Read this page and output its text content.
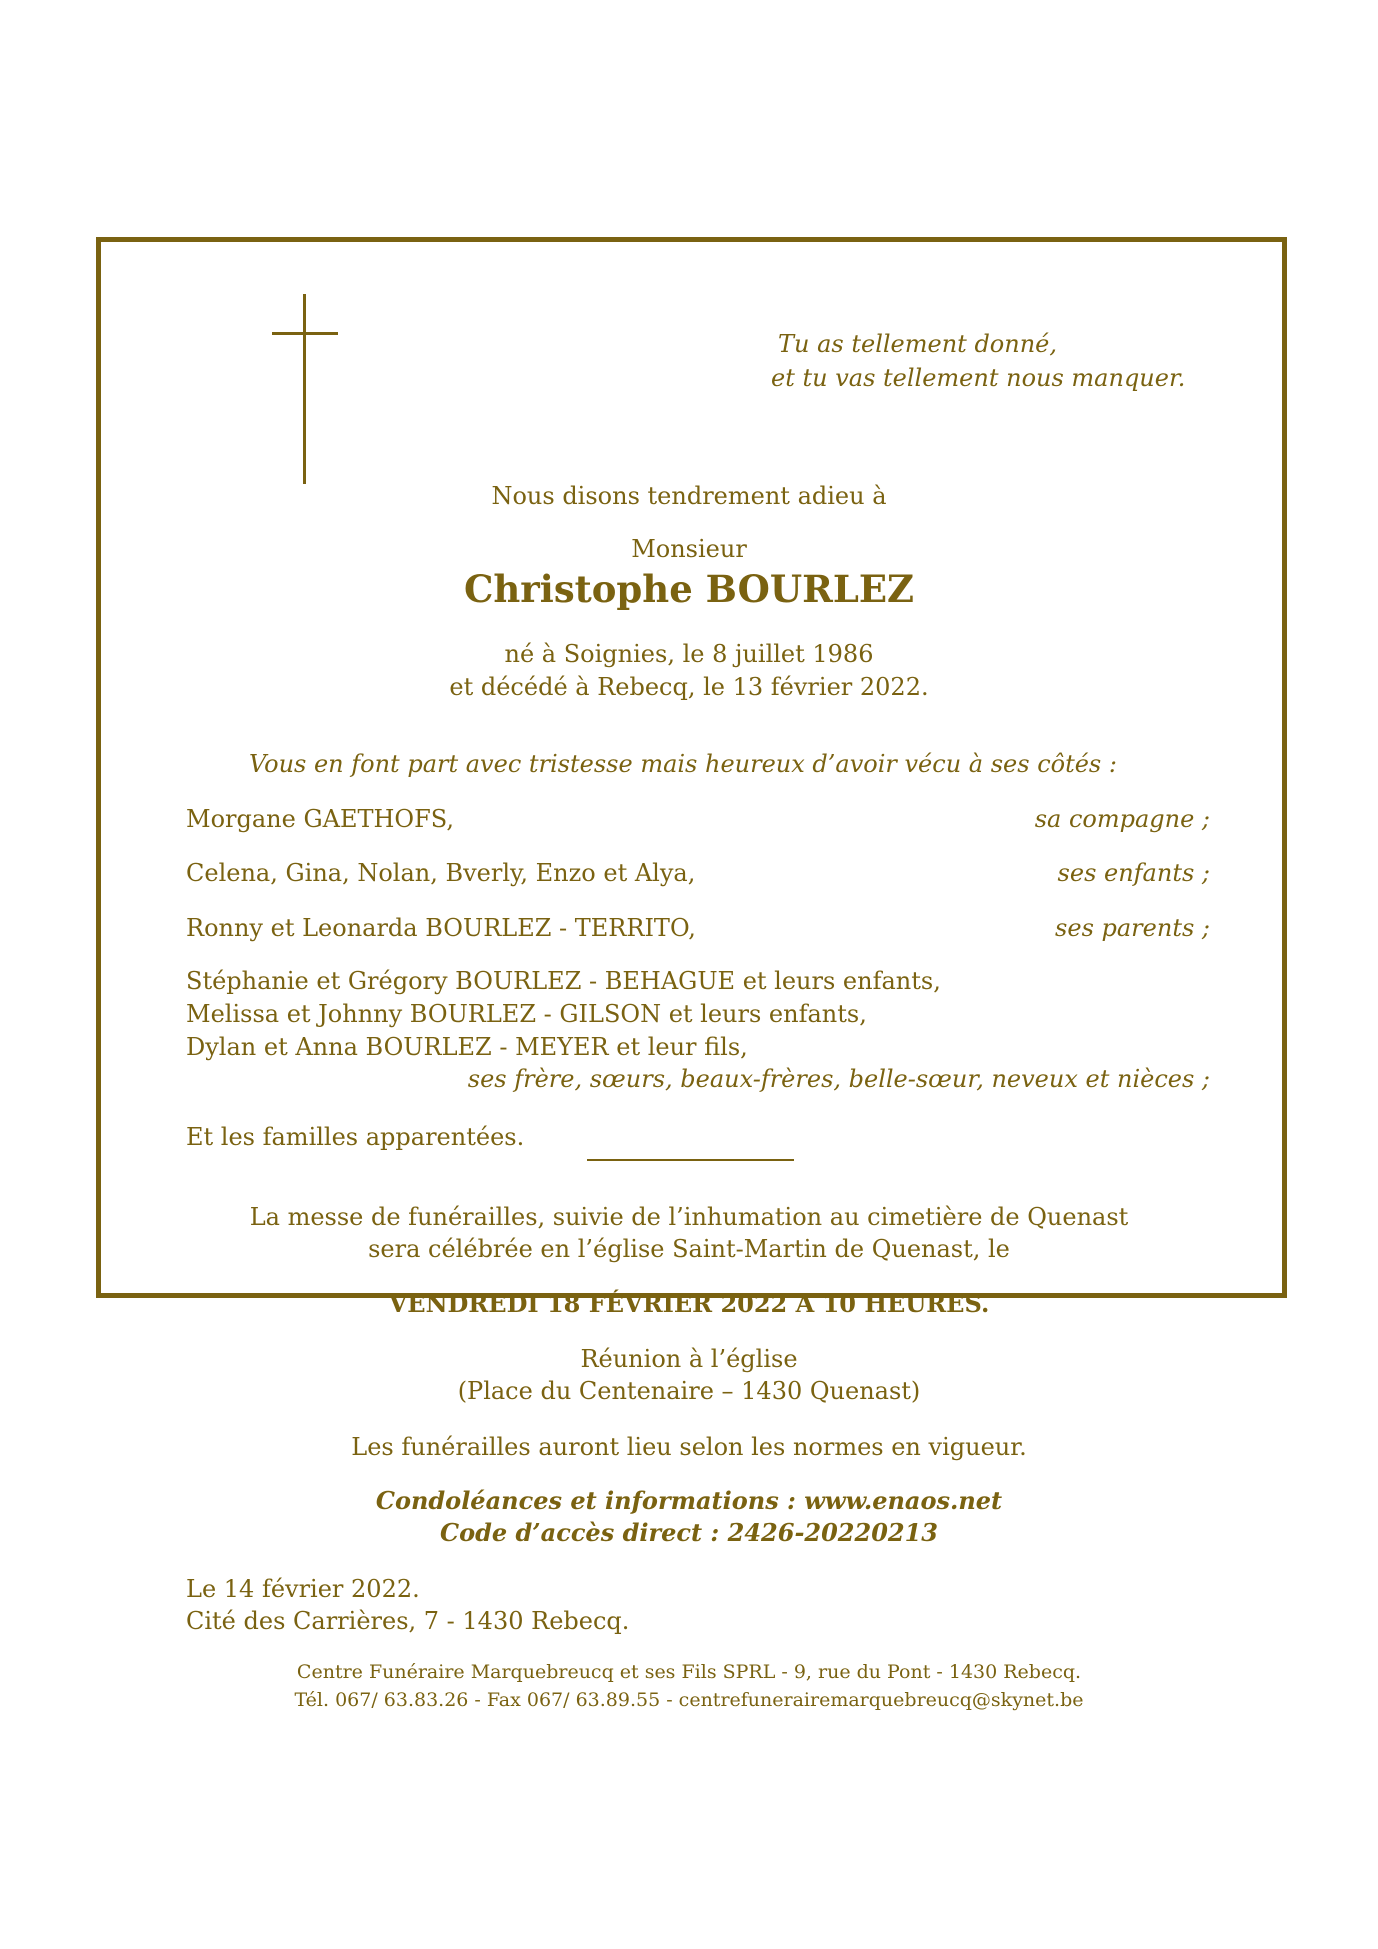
Tu as tellement donné,
et tu vas tellement nous manquer.
Nous disons tendrement adieu à
Monsieur
Christophe BOURLEZ
né à Soignies, le 8 juillet 1986
et décédé à Rebecq, le 13 février 2022.
Vous en font part avec tristesse mais heureux d’avoir vécu à ses côtés :
Morgane GAETHOFS,	sa compagne ;
Celena, Gina, Nolan, Bverly, Enzo et Alya,	ses enfants ;
Ronny et Leonarda BOURLEZ - TERRITO,	ses parents ;
Stéphanie et Grégory BOURLEZ - BEHAGUE et leurs enfants,
Melissa et Johnny BOURLEZ - GILSON et leurs enfants,
Dylan et Anna BOURLEZ - MEYER et leur fils,
ses frère, sœurs, beaux-frères, belle-sœur, neveux et nièces ;
Et les familles apparentées.
La messe de funérailles, suivie de l’inhumation au cimetière de Quenast
sera célébrée en l’église Saint-Martin de Quenast, le
VENDREDI 18 FÉVRIER 2022 A 10 HEURES.
Réunion à l’église
(Place du Centenaire – 1430 Quenast)
Les funérailles auront lieu selon les normes en vigueur.
Condoléances et informations : www.enaos.net
Code d’accès direct : 2426-20220213
Le 14 février 2022.
Cité des Carrières, 7 - 1430 Rebecq.
Centre Funéraire Marquebreucq et ses Fils SPRL - 9, rue du Pont - 1430 Rebecq.
Tél. 067/ 63.83.26 - Fax 067/ 63.89.55 - centrefunerairemarquebreucq@skynet.be
